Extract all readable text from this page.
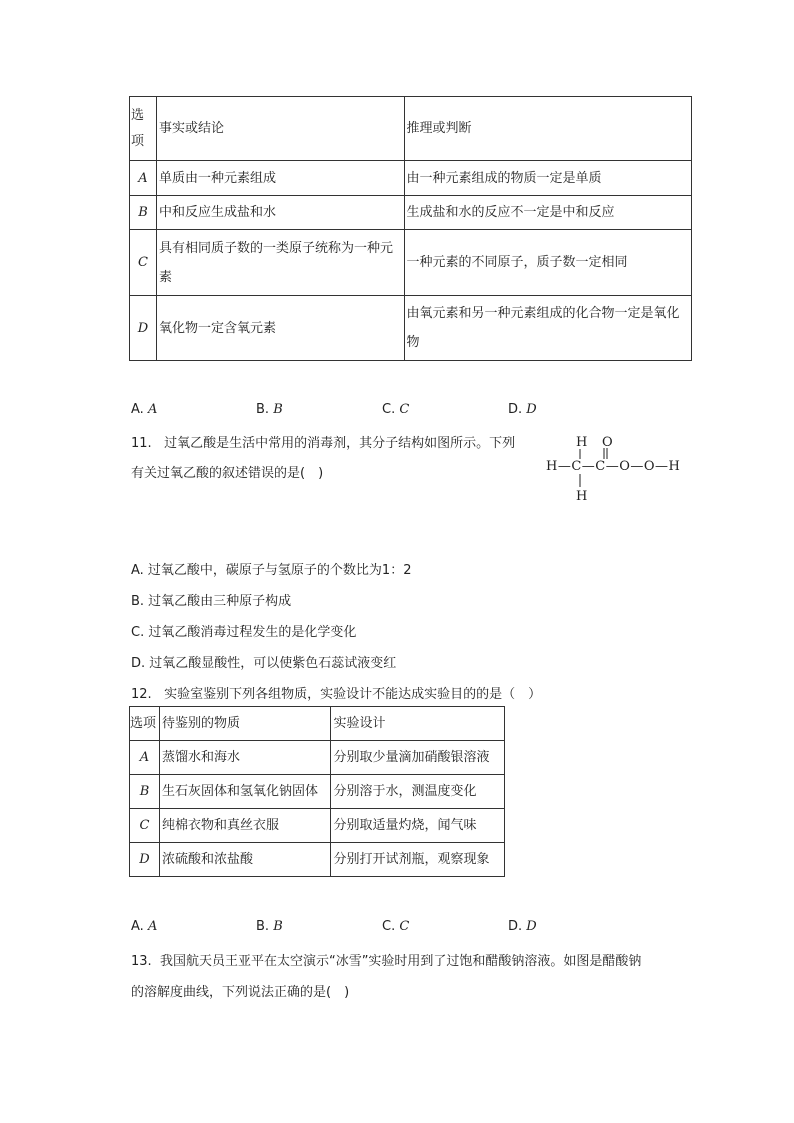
选项	事实或结论	推理或判断
A	单质由一种元素组成	由一种元素组成的物质一定是单质
B	中和反应生成盐和水	生成盐和水的反应不一定是中和反应
C	具有相同质子数的一类原子统称为一种元素	一种元素的不同原子，质子数一定相同
D	氧化物一定含氧元素	由氧元素和另一种元素组成的化合物一定是氧化物
A. A	B. B	C. C	D. D
11. 过氧乙酸是生活中常用的消毒剂，其分子结构如图所示。下列
有关过氧乙酸的叙述错误的是(　)
H O
H—C—C—O—O—H
H
A. 过氧乙酸中，碳原子与氢原子的个数比为1：2
B. 过氧乙酸由三种原子构成
C. 过氧乙酸消毒过程发生的是化学变化
D. 过氧乙酸显酸性，可以使紫色石蕊试液变红
12. 实验室鉴别下列各组物质，实验设计不能达成实验目的的是（　）
选项	待鉴别的物质	实验设计
A	蒸馏水和海水	分别取少量滴加硝酸银溶液
B	生石灰固体和氢氧化钠固体	分别溶于水，测温度变化
C	纯棉衣物和真丝衣服	分别取适量灼烧，闻气味
D	浓硫酸和浓盐酸	分别打开试剂瓶，观察现象
A. A	B. B	C. C	D. D
13. 我国航天员王亚平在太空演示“冰雪”实验时用到了过饱和醋酸钠溶液。如图是醋酸钠
的溶解度曲线，下列说法正确的是(　)
